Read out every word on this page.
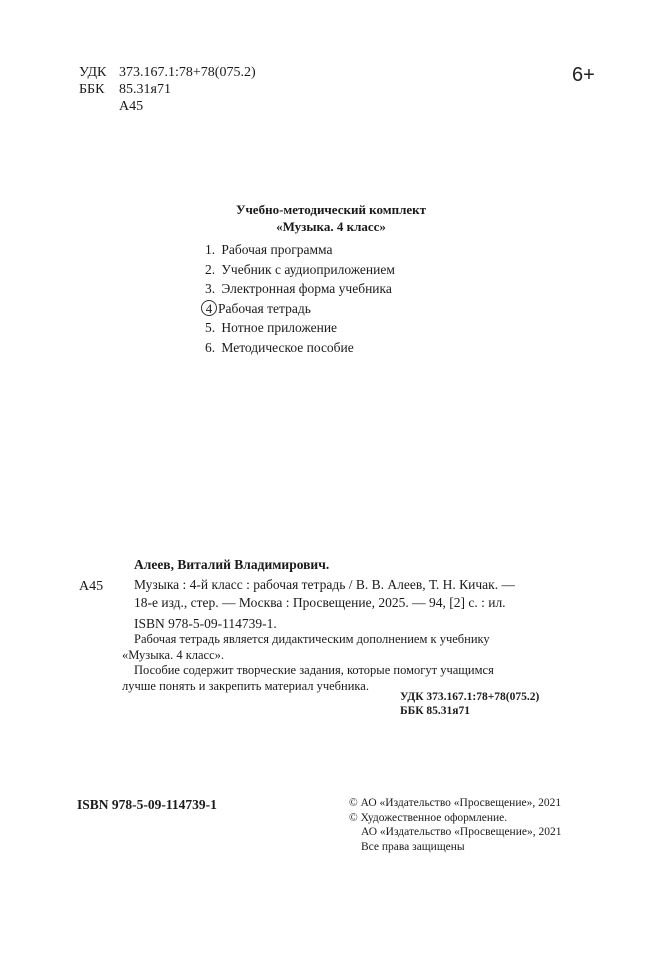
УДК 373.167.1:78+78(075.2)
ББК	85.31я71
А45
6+
Учебно-методический комплект
«Музыка. 4 класс»
1. Рабочая программа
2. Учебник с аудиоприложением
3. Электронная форма учебника
4 Рабочая тетрадь
5. Нотное приложение
6. Методическое пособие
Алеев, Виталий Владимирович.
А45	Музыка : 4-й класс : рабочая тетрадь / В. В. Алеев, Т. Н. Кичак. —
18-е изд., стер. — Москва : Просвещение, 2025. — 94, [2] с. : ил.
ISBN 978-5-09-114739-1.

Рабочая тетрадь является дидактическим дополнением к учебнику

«Музыка. 4 класс».

Пособие содержит творческие задания, которые помогут учащимся

лучше понять и закрепить материал учебника.

УДК 373.167.1:78+78(075.2)
ББК 85.31я71
ISBN 978-5-09-114739-1	© АО «Издательство «Просвещение», 2021
© Художественное оформление.
АО «Издательство «Просвещение», 2021
Все права защищены
